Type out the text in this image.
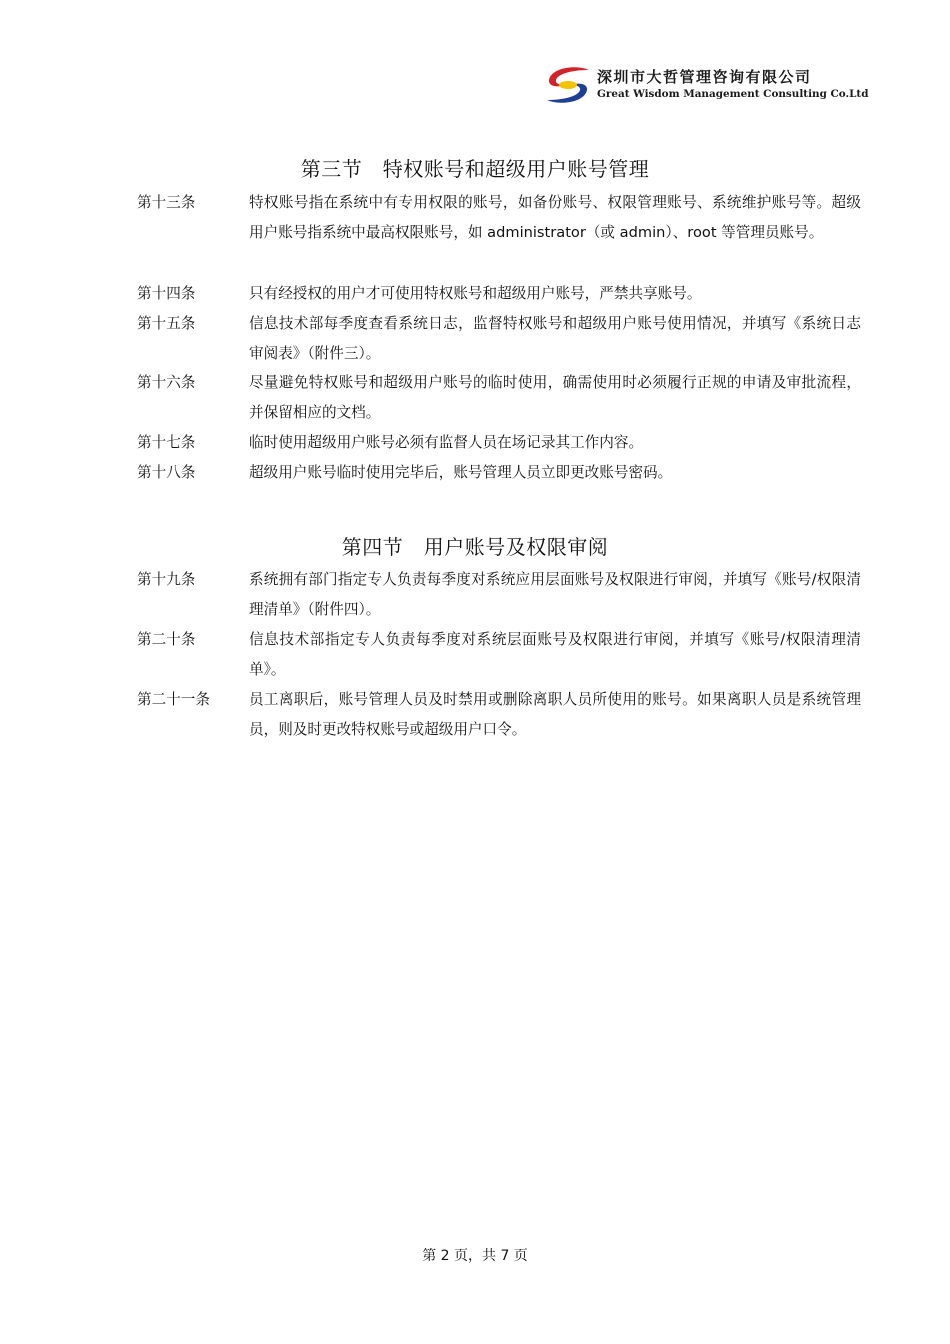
深圳市大哲管理咨询有限公司
Great Wisdom Management Consulting Co.Ltd
第三节　特权账号和超级用户账号管理
第十三条	特权账号指在系统中有专用权限的账号，如备份账号、权限管理账号、系统维护账号等。超级用户账号指系统中最高权限账号，如 administrator（或 admin）、root 等管理员账号。
第十四条	只有经授权的用户才可使用特权账号和超级用户账号，严禁共享账号。
第十五条	信息技术部每季度查看系统日志，监督特权账号和超级用户账号使用情况，并填写《系统日志审阅表》（附件三）。
第十六条	尽量避免特权账号和超级用户账号的临时使用，确需使用时必须履行正规的申请及审批流程，并保留相应的文档。
第十七条	临时使用超级用户账号必须有监督人员在场记录其工作内容。
第十八条	超级用户账号临时使用完毕后，账号管理人员立即更改账号密码。
第四节　用户账号及权限审阅
第十九条	系统拥有部门指定专人负责每季度对系统应用层面账号及权限进行审阅，并填写《账号/权限清理清单》（附件四）。
第二十条	信息技术部指定专人负责每季度对系统层面账号及权限进行审阅，并填写《账号/权限清理清单》。
第二十一条	员工离职后，账号管理人员及时禁用或删除离职人员所使用的账号。如果离职人员是系统管理员，则及时更改特权账号或超级用户口令。
第 2 页，共 7 页
